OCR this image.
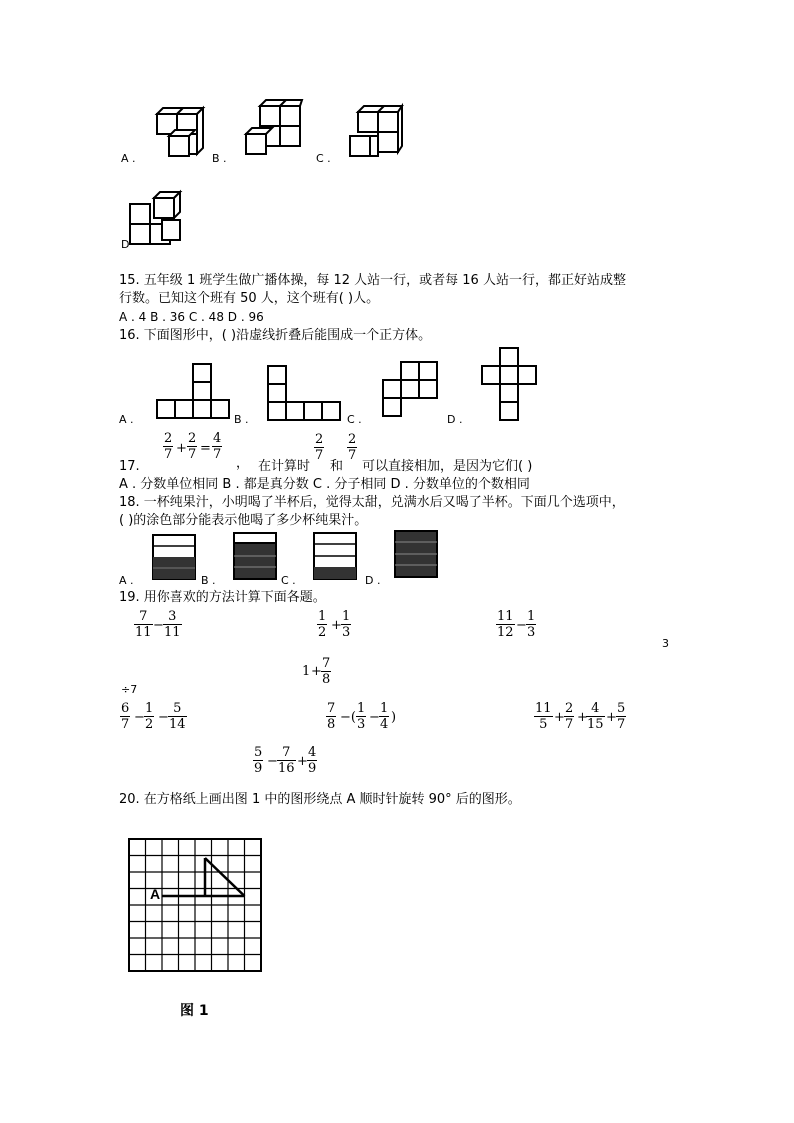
A .	B .	C .
D
15. 五年级 1 班学生做广播体操，每 12 人站一行，或者每 16 人站一行，都正好站成整
行数。已知这个班有 50 人，这个班有( )人。
A . 4 B . 36 C . 48 D . 96
16. 下面图形中，( )沿虚线折叠后能围成一个正方体。
A .	B .	C .	D .
$\frac{2}{7} + \frac{2}{7} = \frac{4}{7}$
17.	， 在计算时
$\frac{2}{7}$
和
$\frac{2}{7}$
可以直接相加，是因为它们( )
A . 分数单位相同 B . 都是真分数 C . 分子相同 D . 分数单位的个数相同
18. 一杯纯果汁，小明喝了半杯后，觉得太甜，兑满水后又喝了半杯。下面几个选项中，
( )的涂色部分能表示他喝了多少杯纯果汁。
A .	B .	C .	D .
19. 用你喜欢的方法计算下面各题。
$\frac{7}{11} - \frac{3}{11}$	$\frac{1}{2} + \frac{1}{3}$	$\frac{11}{12} - \frac{1}{3}$
3
$1 + \frac{7}{8}$
÷7
$\frac{6}{7} - \frac{1}{2} - \frac{5}{14}$	$\frac{7}{8}$ −( $\frac{1}{3} - \frac{1}{4}$ )	$\frac{11}{5} + \frac{2}{7}$ +
$\frac{4}{15} + \frac{5}{7}$
$\frac{5}{9} - \frac{7}{16} + \frac{4}{9}$
20. 在方格纸上画出图 1 中的图形绕点 A 顺时针旋转 90° 后的图形。
A
图 1
